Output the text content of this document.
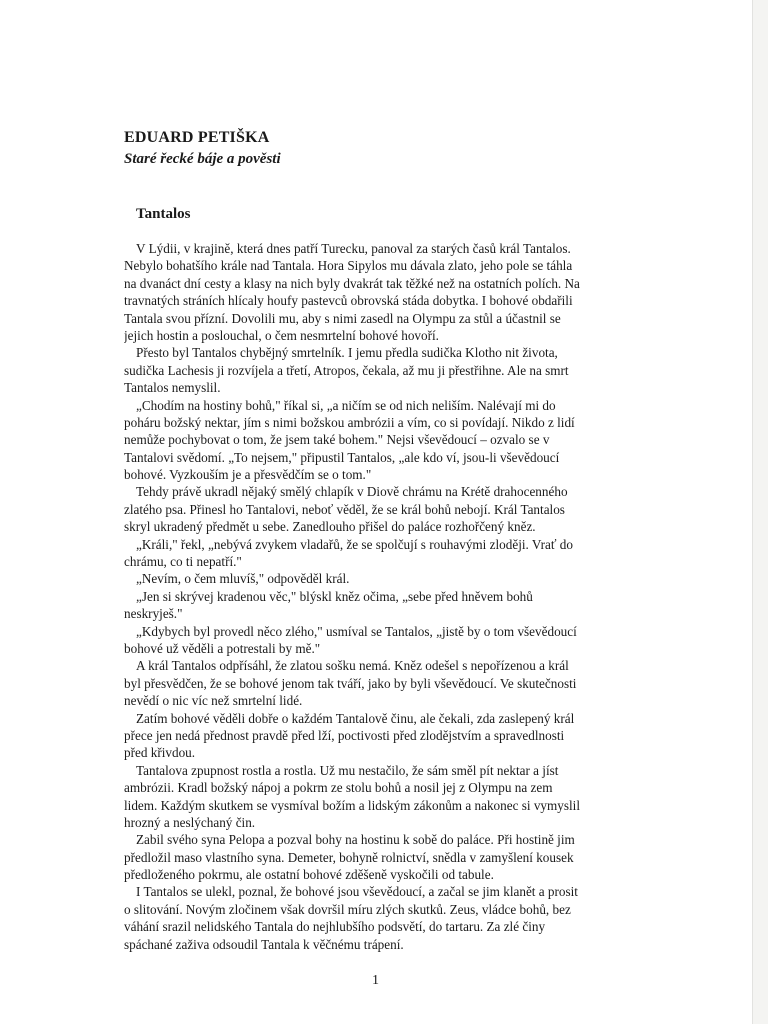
EDUARD PETIŠKA
Staré řecké báje a pověsti
Tantalos
V Lýdii, v krajině, která dnes patří Turecku, panoval za starých časů král Tantalos.
Nebylo bohatšího krále nad Tantala. Hora Sipylos mu dávala zlato, jeho pole se táhla
na dvanáct dní cesty a klasy na nich byly dvakrát tak těžké než na ostatních polích. Na
travnatých stráních hlícaly houfy pastevců obrovská stáda dobytka. I bohové obdařili
Tantala svou přízní. Dovolili mu, aby s nimi zasedl na Olympu za stůl a účastnil se
jejich hostin a poslouchal, o čem nesmrtelní bohové hovoří.
Přesto byl Tantalos chybějný smrtelník. I jemu předla sudička Klotho nit života,
sudička Lachesis ji rozvíjela a třetí, Atropos, čekala, až mu ji přestřihne. Ale na smrt
Tantalos nemyslil.
„Chodím na hostiny bohů," říkal si, „a ničím se od nich neliším. Nalévají mi do
poháru božský nektar, jím s nimi božskou ambrózii a vím, co si povídají. Nikdo z lidí
nemůže pochybovat o tom, že jsem také bohem." Nejsi vševědoucí – ozvalo se v
Tantalovi svědomí. „To nejsem," připustil Tantalos, „ale kdo ví, jsou-li vševědoucí
bohové. Vyzkouším je a přesvědčím se o tom."
Tehdy právě ukradl nějaký smělý chlapík v Diově chrámu na Krétě drahocenného
zlatého psa. Přinesl ho Tantalovi, neboť věděl, že se král bohů nebojí. Král Tantalos
skryl ukradený předmět u sebe. Zanedlouho přišel do paláce rozhořčený kněz.
„Králi," řekl, „nebývá zvykem vladařů, že se spolčují s rouhavými zloději. Vrať do
chrámu, co ti nepatří."
„Nevím, o čem mluvíš," odpověděl král.
„Jen si skrývej kradenou věc," blýskl kněz očima, „sebe před hněvem bohů
neskryješ."
„Kdybych byl provedl něco zlého," usmíval se Tantalos, „jistě by o tom vševědoucí
bohové už věděli a potrestali by mě."
A král Tantalos odpřísáhl, že zlatou sošku nemá. Kněz odešel s nepořízenou a král
byl přesvědčen, že se bohové jenom tak tváří, jako by byli vševědoucí. Ve skutečnosti
nevědí o nic víc než smrtelní lidé.
Zatím bohové věděli dobře o každém Tantalově činu, ale čekali, zda zaslepený král
přece jen nedá přednost pravdě před lží, poctivosti před zlodějstvím a spravedlnosti
před křivdou.
Tantalova zpupnost rostla a rostla. Už mu nestačilo, že sám směl pít nektar a jíst
ambrózii. Kradl božský nápoj a pokrm ze stolu bohů a nosil jej z Olympu na zem
lidem. Každým skutkem se vysmíval božím a lidským zákonům a nakonec si vymyslil
hrozný a neslýchaný čin.
Zabil svého syna Pelopa a pozval bohy na hostinu k sobě do paláce. Při hostině jim
předložil maso vlastního syna. Demeter, bohyně rolnictví, snědla v zamyšlení kousek
předloženého pokrmu, ale ostatní bohové zděšeně vyskočili od tabule.
I Tantalos se ulekl, poznal, že bohové jsou vševědoucí, a začal se jim klanět a prosit
o slitování. Novým zločinem však dovršil míru zlých skutků. Zeus, vládce bohů, bez
váhání srazil nelidského Tantala do nejhlubšího podsvětí, do tartaru. Za zlé činy
spáchané zaživa odsoudil Tantala k věčnému trápení.
1
